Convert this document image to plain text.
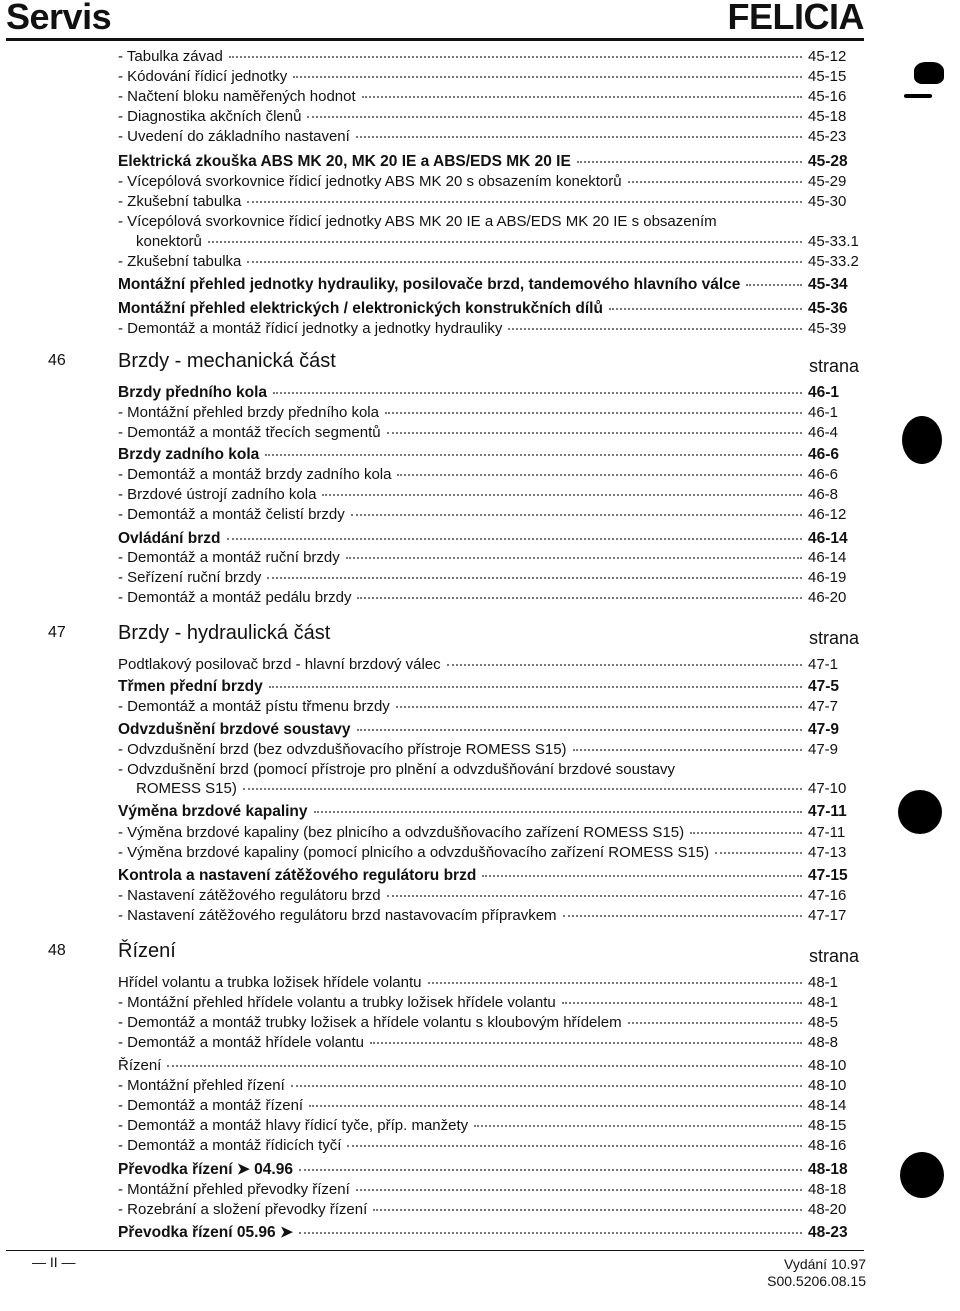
Servis	FELICIA
— II —	Vydání 10.97
S00.5206.08.15
- Tabulka závad	45-12
- Kódování řídicí jednotky	45-15
- Načtení bloku naměřených hodnot	45-16
- Diagnostika akčních členů	45-18
- Uvedení do základního nastavení	45-23
Elektrická zkouška ABS MK 20, MK 20 IE a ABS/EDS MK 20 IE	45-28
- Vícepólová svorkovnice řídicí jednotky ABS MK 20 s obsazením konektorů	45-29
- Zkušební tabulka	45-30
- Vícepólová svorkovnice řídicí jednotky ABS MK 20 IE a ABS/EDS MK 20 IE s obsazením
konektorů	45-33.1
- Zkušební tabulka	45-33.2
Montážní přehled jednotky hydrauliky, posilovače brzd, tandemového hlavního válce	45-34
Montážní přehled elektrických / elektronických konstrukčních dílů	45-36
- Demontáž a montáž řídicí jednotky a jednotky hydrauliky	45-39
46	Brzdy - mechanická část	strana
Brzdy předního kola	46-1
- Montážní přehled brzdy předního kola	46-1
- Demontáž a montáž třecích segmentů	46-4
Brzdy zadního kola	46-6
- Demontáž a montáž brzdy zadního kola	46-6
- Brzdové ústrojí zadního kola	46-8
- Demontáž a montáž čelistí brzdy	46-12
Ovládání brzd	46-14
- Demontáž a montáž ruční brzdy	46-14
- Seřízení ruční brzdy	46-19
- Demontáž a montáž pedálu brzdy	46-20
47	Brzdy - hydraulická část	strana
Podtlakový posilovač brzd - hlavní brzdový válec	47-1
Třmen přední brzdy	47-5
- Demontáž a montáž pístu třmenu brzdy	47-7
Odvzdušnění brzdové soustavy	47-9
- Odvzdušnění brzd (bez odvzdušňovacího přístroje ROMESS S15)	47-9
- Odvzdušnění brzd (pomocí přístroje pro plnění a odvzdušňování brzdové soustavy
ROMESS S15)	47-10
Výměna brzdové kapaliny	47-11
- Výměna brzdové kapaliny (bez plnicího a odvzdušňovacího zařízení ROMESS S15)	47-11
- Výměna brzdové kapaliny (pomocí plnicího a odvzdušňovacího zařízení ROMESS S15)	47-13
Kontrola a nastavení zátěžového regulátoru brzd	47-15
- Nastavení zátěžového regulátoru brzd	47-16
- Nastavení zátěžového regulátoru brzd nastavovacím přípravkem	47-17
48	Řízení	strana
Hřídel volantu a trubka ložisek hřídele volantu	48-1
- Montážní přehled hřídele volantu a trubky ložisek hřídele volantu	48-1
- Demontáž a montáž trubky ložisek a hřídele volantu s kloubovým hřídelem	48-5
- Demontáž a montáž hřídele volantu	48-8
Řízení	48-10
- Montážní přehled řízení	48-10
- Demontáž a montáž řízení	48-14
- Demontáž a montáž hlavy řídicí tyče, příp. manžety	48-15
- Demontáž a montáž řídicích tyčí	48-16
Převodka řízení ➤ 04.96	48-18
- Montážní přehled převodky řízení	48-18
- Rozebrání a složení převodky řízení	48-20
Převodka řízení 05.96 ➤	48-23
